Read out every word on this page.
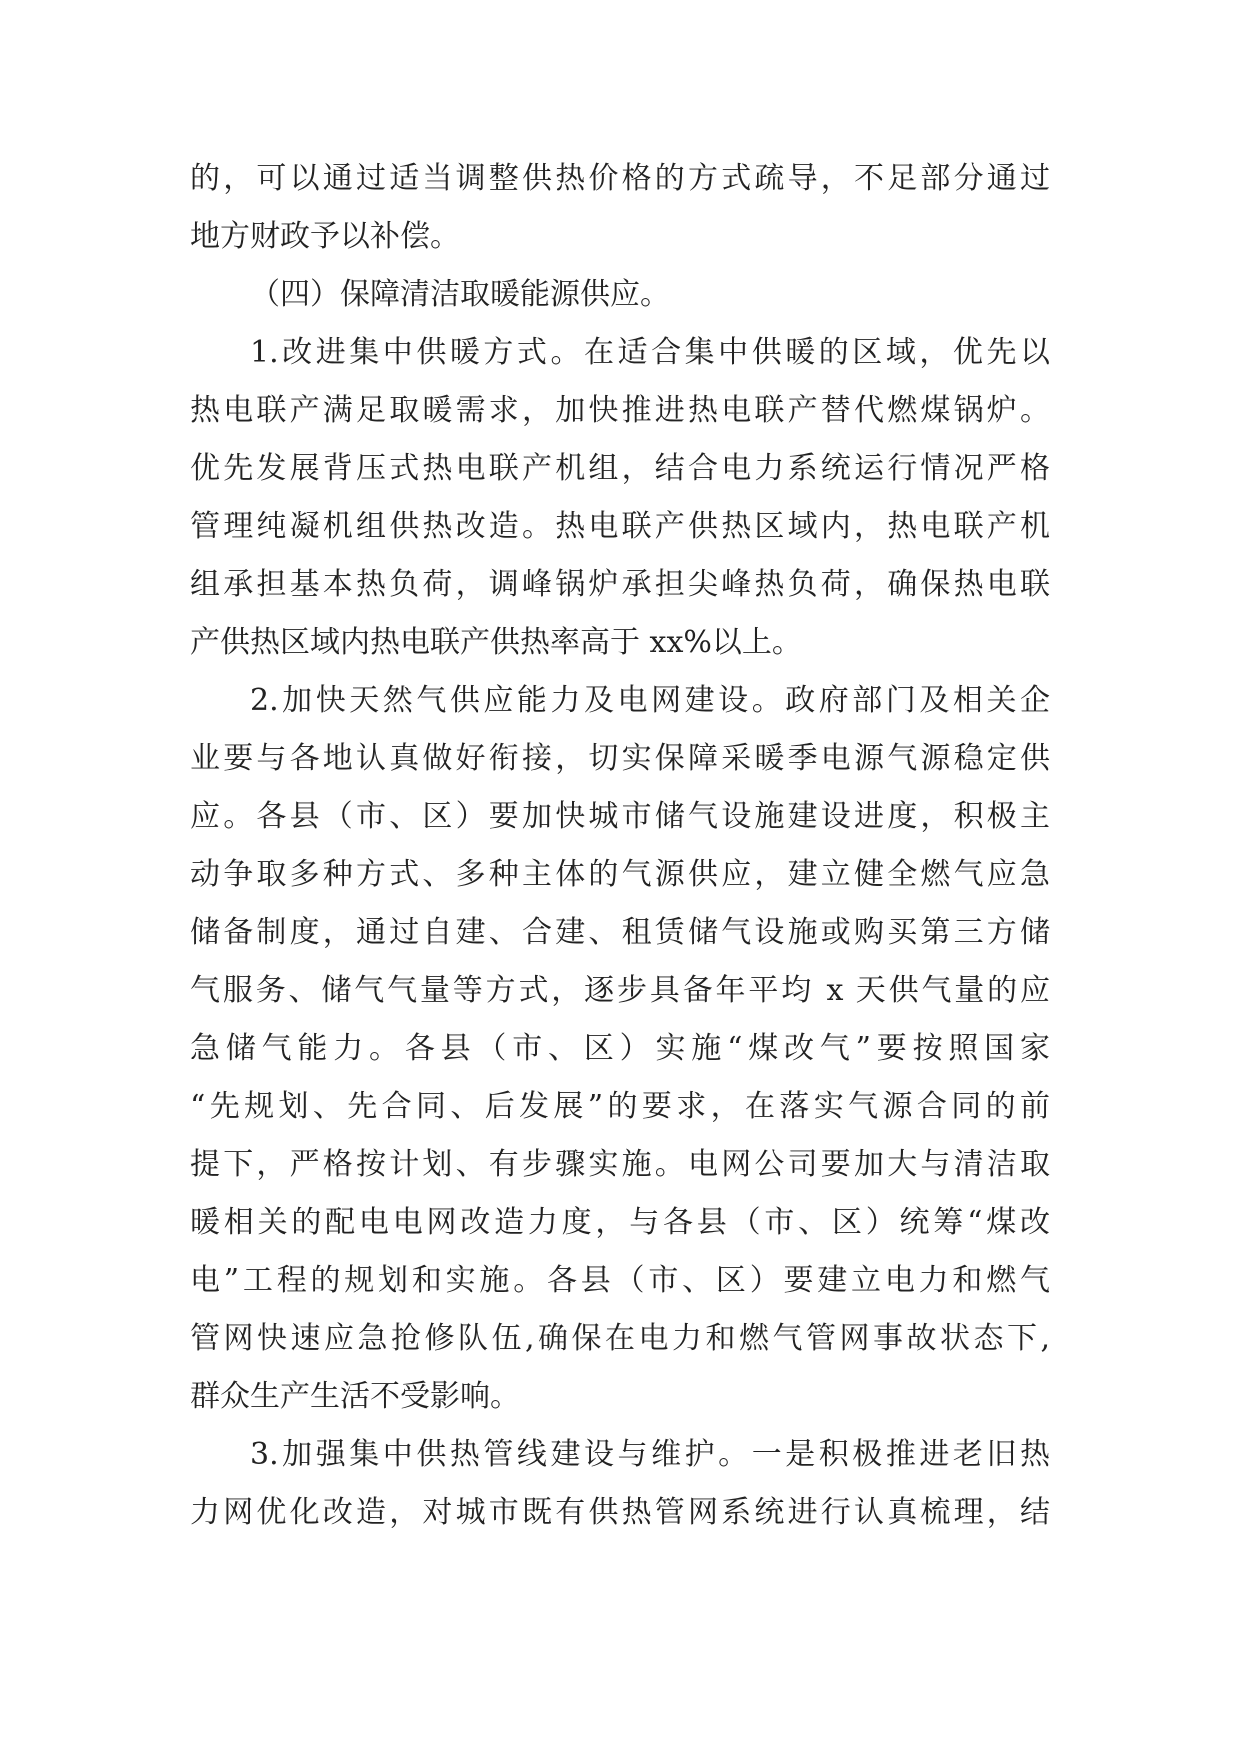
的，可以通过适当调整供热价格的方式疏导，不足部分通过
地方财政予以补偿。
（四）保障清洁取暖能源供应。
1.改进集中供暖方式。在适合集中供暖的区域，优先以
热电联产满足取暖需求，加快推进热电联产替代燃煤锅炉。
优先发展背压式热电联产机组，结合电力系统运行情况严格
管理纯凝机组供热改造。热电联产供热区域内，热电联产机
组承担基本热负荷，调峰锅炉承担尖峰热负荷，确保热电联
产供热区域内热电联产供热率高于 xx%以上。
2.加快天然气供应能力及电网建设。政府部门及相关企
业要与各地认真做好衔接，切实保障采暖季电源气源稳定供
应。各县（市、区）要加快城市储气设施建设进度，积极主
动争取多种方式、多种主体的气源供应，建立健全燃气应急
储备制度，通过自建、合建、租赁储气设施或购买第三方储
气服务、储气气量等方式，逐步具备年平均 x 天供气量的应
急储气能力。各县（市、区）实施“煤改气”要按照国家
“先规划、先合同、后发展”的要求，在落实气源合同的前
提下，严格按计划、有步骤实施。电网公司要加大与清洁取
暖相关的配电电网改造力度，与各县（市、区）统筹“煤改
电”工程的规划和实施。各县（市、区）要建立电力和燃气
管网快速应急抢修队伍,确保在电力和燃气管网事故状态下,
群众生产生活不受影响。
3.加强集中供热管线建设与维护。一是积极推进老旧热
力网优化改造，对城市既有供热管网系统进行认真梳理，结
